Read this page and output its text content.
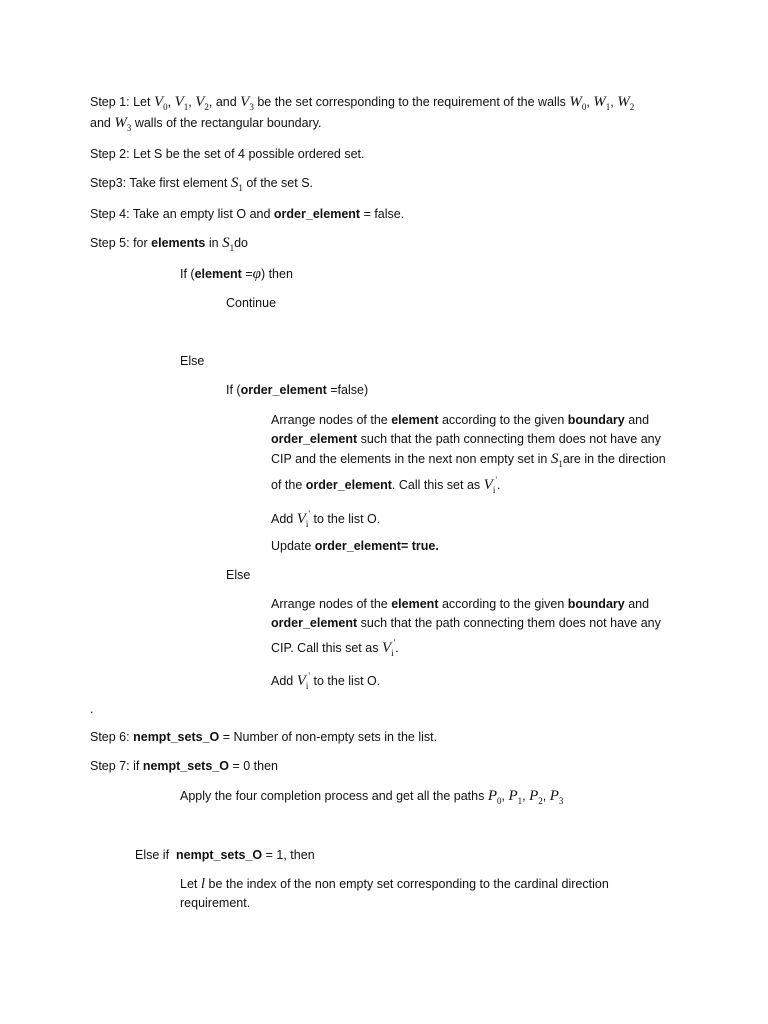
Step 1: Let $V_0$, $V_1$, $V_2$, and $V_3$ be the set corresponding to the requirement of the walls $W_0$, $W_1$, $W_2$
and $W_3$ walls of the rectangular boundary.
Step 2: Let S be the set of 4 possible ordered set.
Step3: Take first element $S_1$ of the set S.
Step 4: Take an empty list O and order_element = false.
Step 5: for elements in $S_1do$
If (element =φ) then
Continue
Else
If (order_element =false)
Arrange nodes of the element according to the given boundary and
order_element such that the path connecting them does not have any
CIP and the elements in the next non empty set in $S_1are$ in the direction
of the order_element. Call this set as $V_i'$.
Add $V_i'$ to the list O.
Update order_element= true.
Else
Arrange nodes of the element according to the given boundary and
order_element such that the path connecting them does not have any
CIP. Call this set as $V_i'$.
Add $V_i'$ to the list O.
.
Step 6: nempt_sets_O = Number of non-empty sets in the list.
Step 7: if nempt_sets_O = 0 then
Apply the four completion process and get all the paths $P_0$, $P_1$, $P_2$, $P_3$
Else if nempt_sets_O = 1, then
Let l be the index of the non empty set corresponding to the cardinal direction
requirement.
